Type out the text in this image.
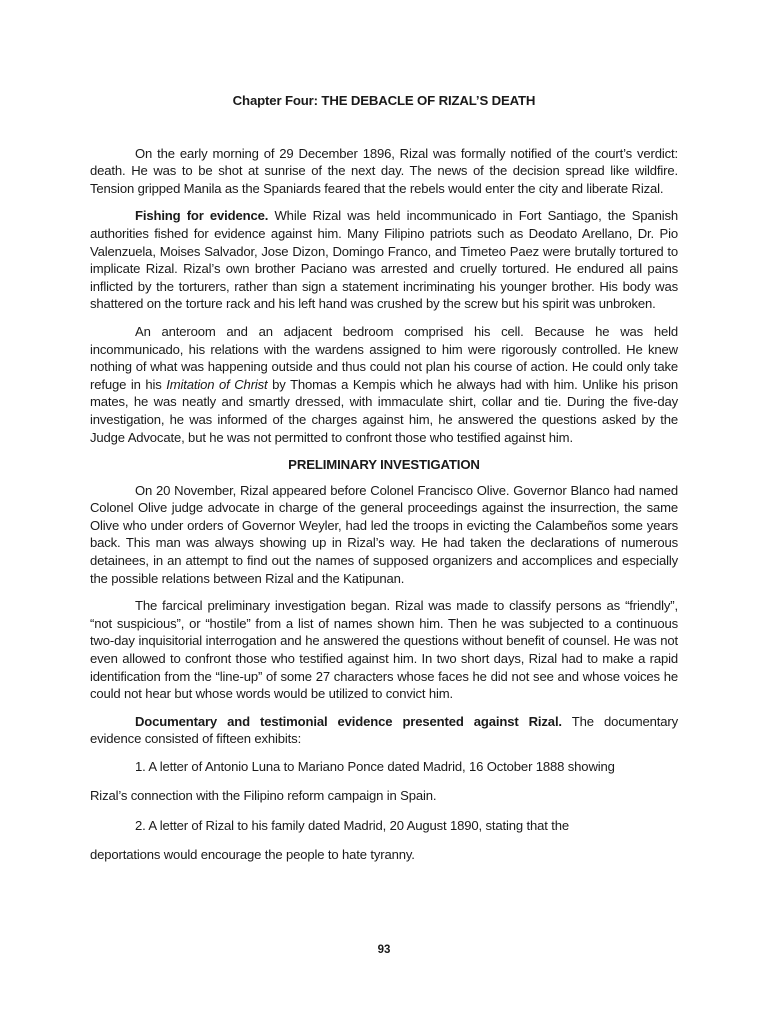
Chapter Four: THE DEBACLE OF RIZAL’S DEATH

On the early morning of 29 December 1896, Rizal was formally notified of the court’s verdict: death. He was to be shot at sunrise of the next day. The news of the decision spread like wildfire. Tension gripped Manila as the Spaniards feared that the rebels would enter the city and liberate Rizal.

Fishing for evidence. While Rizal was held incommunicado in Fort Santiago, the Spanish authorities fished for evidence against him. Many Filipino patriots such as Deodato Arellano, Dr. Pio Valenzuela, Moises Salvador, Jose Dizon, Domingo Franco, and Timeteo Paez were brutally tortured to implicate Rizal. Rizal’s own brother Paciano was arrested and cruelly tortured. He endured all pains inflicted by the torturers, rather than sign a statement incriminating his younger brother. His body was shattered on the torture rack and his left hand was crushed by the screw but his spirit was unbroken.

An anteroom and an adjacent bedroom comprised his cell. Because he was held incommunicado, his relations with the wardens assigned to him were rigorously controlled. He knew nothing of what was happening outside and thus could not plan his course of action. He could only take refuge in his Imitation of Christ by Thomas a Kempis which he always had with him. Unlike his prison mates, he was neatly and smartly dressed, with immaculate shirt, collar and tie. During the five-day investigation, he was informed of the charges against him, he answered the questions asked by the Judge Advocate, but he was not permitted to confront those who testified against him.

PRELIMINARY INVESTIGATION

On 20 November, Rizal appeared before Colonel Francisco Olive. Governor Blanco had named Colonel Olive judge advocate in charge of the general proceedings against the insurrection, the same Olive who under orders of Governor Weyler, had led the troops in evicting the Calambeños some years back. This man was always showing up in Rizal’s way. He had taken the declarations of numerous detainees, in an attempt to find out the names of supposed organizers and accomplices and especially the possible relations between Rizal and the Katipunan.

The farcical preliminary investigation began. Rizal was made to classify persons as “friendly”, “not suspicious”, or “hostile” from a list of names shown him. Then he was subjected to a continuous two-day inquisitorial interrogation and he answered the questions without benefit of counsel. He was not even allowed to confront those who testified against him. In two short days, Rizal had to make a rapid identification from the “line-up” of some 27 characters whose faces he did not see and whose voices he could not hear but whose words would be utilized to convict him.

Documentary and testimonial evidence presented against Rizal. The documentary evidence consisted of fifteen exhibits:

1. A letter of Antonio Luna to Mariano Ponce dated Madrid, 16 October 1888 showing
Rizal’s connection with the Filipino reform campaign in Spain.
2. A letter of Rizal to his family dated Madrid, 20 August 1890, stating that the
deportations would encourage the people to hate tyranny.
93
